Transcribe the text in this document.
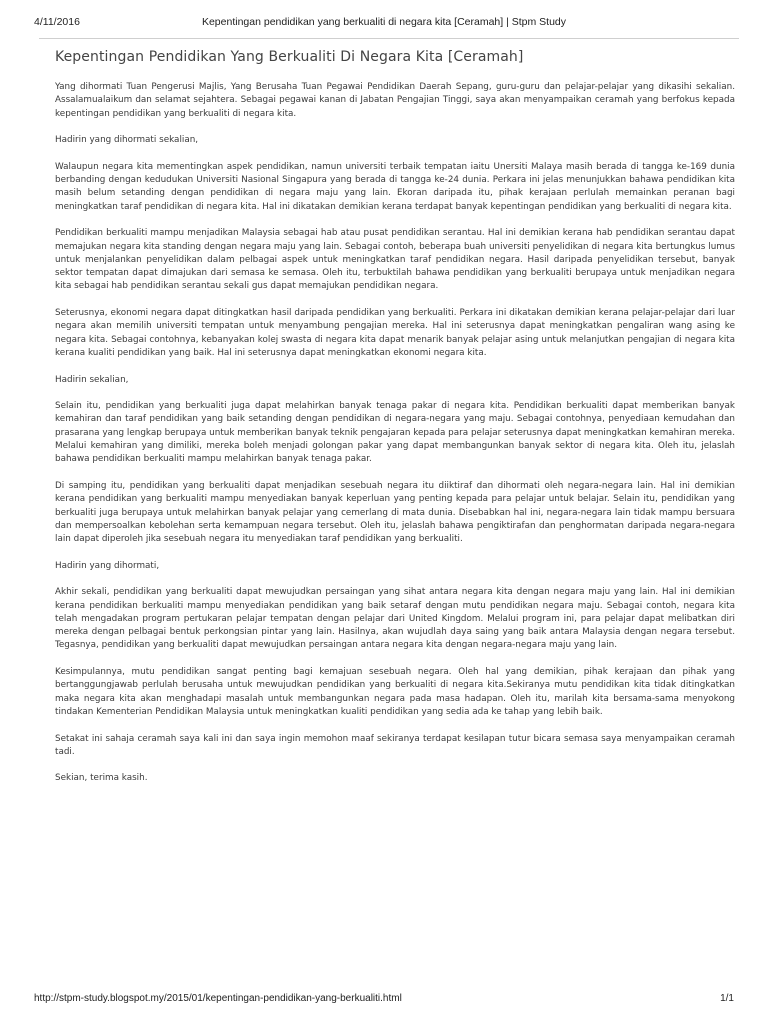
4/11/2016	Kepentingan pendidikan yang berkualiti di negara kita [Ceramah] | Stpm Study
Kepentingan Pendidikan Yang Berkualiti Di Negara Kita [Ceramah]

Yang dihormati Tuan Pengerusi Majlis, Yang Berusaha Tuan Pegawai Pendidikan Daerah Sepang, guru-guru dan pelajar-pelajar yang dikasihi sekalian. Assalamualaikum dan selamat sejahtera. Sebagai pegawai kanan di Jabatan Pengajian Tinggi, saya akan menyampaikan ceramah yang berfokus kepada kepentingan pendidikan yang berkualiti di negara kita.

Hadirin yang dihormati sekalian,

Walaupun negara kita mementingkan aspek pendidikan, namun universiti terbaik tempatan iaitu Unersiti Malaya masih berada di tangga ke-169 dunia berbanding dengan kedudukan Universiti Nasional Singapura yang berada di tangga ke-24 dunia. Perkara ini jelas menunjukkan bahawa pendidikan kita masih belum setanding dengan pendidikan di negara maju yang lain. Ekoran daripada itu, pihak kerajaan perlulah memainkan peranan bagi meningkatkan taraf pendidikan di negara kita. Hal ini dikatakan demikian kerana terdapat banyak kepentingan pendidikan yang berkualiti di negara kita.

Pendidikan berkualiti mampu menjadikan Malaysia sebagai hab atau pusat pendidikan serantau. Hal ini demikian kerana hab pendidikan serantau dapat memajukan negara kita standing dengan negara maju yang lain. Sebagai contoh, beberapa buah universiti penyelidikan di negara kita bertungkus lumus untuk menjalankan penyelidikan dalam pelbagai aspek untuk meningkatkan taraf pendidikan negara. Hasil daripada penyelidikan tersebut, banyak sektor tempatan dapat dimajukan dari semasa ke semasa. Oleh itu, terbuktilah bahawa pendidikan yang berkualiti berupaya untuk menjadikan negara kita sebagai hab pendidikan serantau sekali gus dapat memajukan pendidikan negara.

Seterusnya, ekonomi negara dapat ditingkatkan hasil daripada pendidikan yang berkualiti. Perkara ini dikatakan demikian kerana pelajar-pelajar dari luar negara akan memilih universiti tempatan untuk menyambung pengajian mereka. Hal ini seterusnya dapat meningkatkan pengaliran wang asing ke negara kita. Sebagai contohnya, kebanyakan kolej swasta di negara kita dapat menarik banyak pelajar asing untuk melanjutkan pengajian di negara kita kerana kualiti pendidikan yang baik. Hal ini seterusnya dapat meningkatkan ekonomi negara kita.

Hadirin sekalian,

Selain itu, pendidikan yang berkualiti juga dapat melahirkan banyak tenaga pakar di negara kita. Pendidikan berkualiti dapat memberikan banyak kemahiran dan taraf pendidikan yang baik setanding dengan pendidikan di negara-negara yang maju. Sebagai contohnya, penyediaan kemudahan dan prasarana yang lengkap berupaya untuk memberikan banyak teknik pengajaran kepada para pelajar seterusnya dapat meningkatkan kemahiran mereka. Melalui kemahiran yang dimiliki, mereka boleh menjadi golongan pakar yang dapat membangunkan banyak sektor di negara kita. Oleh itu, jelaslah bahawa pendidikan berkualiti mampu melahirkan banyak tenaga pakar.

Di samping itu, pendidikan yang berkualiti dapat menjadikan sesebuah negara itu diiktiraf dan dihormati oleh negara-negara lain. Hal ini demikian kerana pendidikan yang berkualiti mampu menyediakan banyak keperluan yang penting kepada para pelajar untuk belajar. Selain itu, pendidikan yang berkualiti juga berupaya untuk melahirkan banyak pelajar yang cemerlang di mata dunia. Disebabkan hal ini, negara-negara lain tidak mampu bersuara dan mempersoalkan kebolehan serta kemampuan negara tersebut. Oleh itu, jelaslah bahawa pengiktirafan dan penghormatan daripada negara-negara lain dapat diperoleh jika sesebuah negara itu menyediakan taraf pendidikan yang berkualiti.

Hadirin yang dihormati,

Akhir sekali, pendidikan yang berkualiti dapat mewujudkan persaingan yang sihat antara negara kita dengan negara maju yang lain. Hal ini demikian kerana pendidikan berkualiti mampu menyediakan pendidikan yang baik setaraf dengan mutu pendidikan negara maju. Sebagai contoh, negara kita telah mengadakan program pertukaran pelajar tempatan dengan pelajar dari United Kingdom. Melalui program ini, para pelajar dapat melibatkan diri mereka dengan pelbagai bentuk perkongsian pintar yang lain. Hasilnya, akan wujudlah daya saing yang baik antara Malaysia dengan negara tersebut. Tegasnya, pendidikan yang berkualiti dapat mewujudkan persaingan antara negara kita dengan negara-negara maju yang lain.

Kesimpulannya, mutu pendidikan sangat penting bagi kemajuan sesebuah negara. Oleh hal yang demikian, pihak kerajaan dan pihak yang bertanggungjawab perlulah berusaha untuk mewujudkan pendidikan yang berkualiti di negara kita.Sekiranya mutu pendidikan kita tidak ditingkatkan maka negara kita akan menghadapi masalah untuk membangunkan negara pada masa hadapan. Oleh itu, marilah kita bersama-sama menyokong tindakan Kementerian Pendidikan Malaysia untuk meningkatkan kualiti pendidikan yang sedia ada ke tahap yang lebih baik.

Setakat ini sahaja ceramah saya kali ini dan saya ingin memohon maaf sekiranya terdapat kesilapan tutur bicara semasa saya menyampaikan ceramah tadi.

Sekian, terima kasih.

http://stpm-study.blogspot.my/2015/01/kepentingan-pendidikan-yang-berkualiti.html	1/1
